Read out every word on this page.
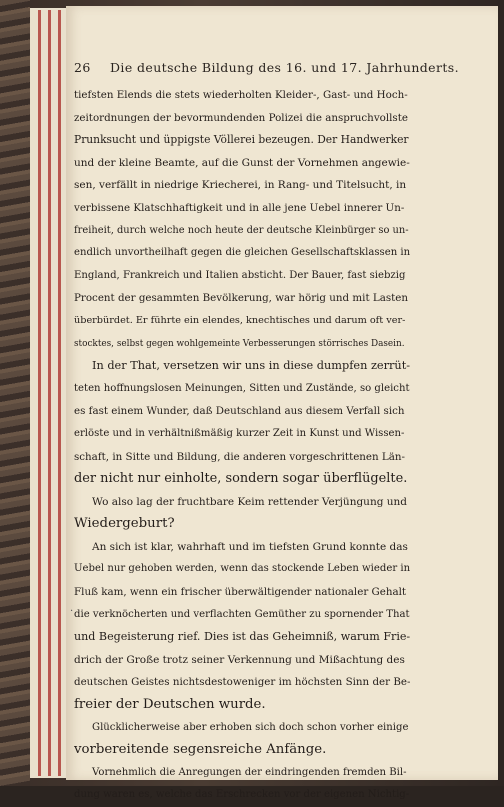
26 Die deutsche Bildung des 16. und 17. Jahrhunderts.
tiefsten Elends die stets wiederholten Kleider-, Gast- und Hoch-
zeitordnungen der bevormundenden Polizei die anspruchvollste
Prunksucht und üppigste Völlerei bezeugen. Der Handwerker
und der kleine Beamte, auf die Gunst der Vornehmen angewie-
sen, verfällt in niedrige Kriecherei, in Rang- und Titelsucht, in
verbissene Klatschhaftigkeit und in alle jene Uebel innerer Un-
freiheit, durch welche noch heute der deutsche Kleinbürger so un-
endlich unvortheilhaft gegen die gleichen Gesellschaftsklassen in
England, Frankreich und Italien absticht. Der Bauer, fast siebzig
Procent der gesammten Bevölkerung, war hörig und mit Lasten
überbürdet. Er führte ein elendes, knechtisches und darum oft ver-
stocktes, selbst gegen wohlgemeinte Verbesserungen störrisches Dasein.
In der That, versetzen wir uns in diese dumpfen zerrüt-
teten hoffnungslosen Meinungen, Sitten und Zustände, so gleicht
es fast einem Wunder, daß Deutschland aus diesem Verfall sich
erlöste und in verhältnißmäßig kurzer Zeit in Kunst und Wissen-
schaft, in Sitte und Bildung, die anderen vorgeschrittenen Län-
der nicht nur einholte, sondern sogar überflügelte.
Wo also lag der fruchtbare Keim rettender Verjüngung und
Wiedergeburt?
An sich ist klar, wahrhaft und im tiefsten Grund konnte das
Uebel nur gehoben werden, wenn das stockende Leben wieder in
Fluß kam, wenn ein frischer überwältigender nationaler Gehalt
die verknöcherten und verflachten Gemüther zu spornender That
und Begeisterung rief. Dies ist das Geheimniß, warum Frie-
drich der Große trotz seiner Verkennung und Mißachtung des
deutschen Geistes nichtsdestoweniger im höchsten Sinn der Be-
freier der Deutschen wurde.
Glücklicherweise aber erhoben sich doch schon vorher einige
vorbereitende segensreiche Anfänge.
Vornehmlich die Anregungen der eindringenden fremden Bil-
dung waren es, welche das Erschrecken vor der eigenen Nichtig-
·
